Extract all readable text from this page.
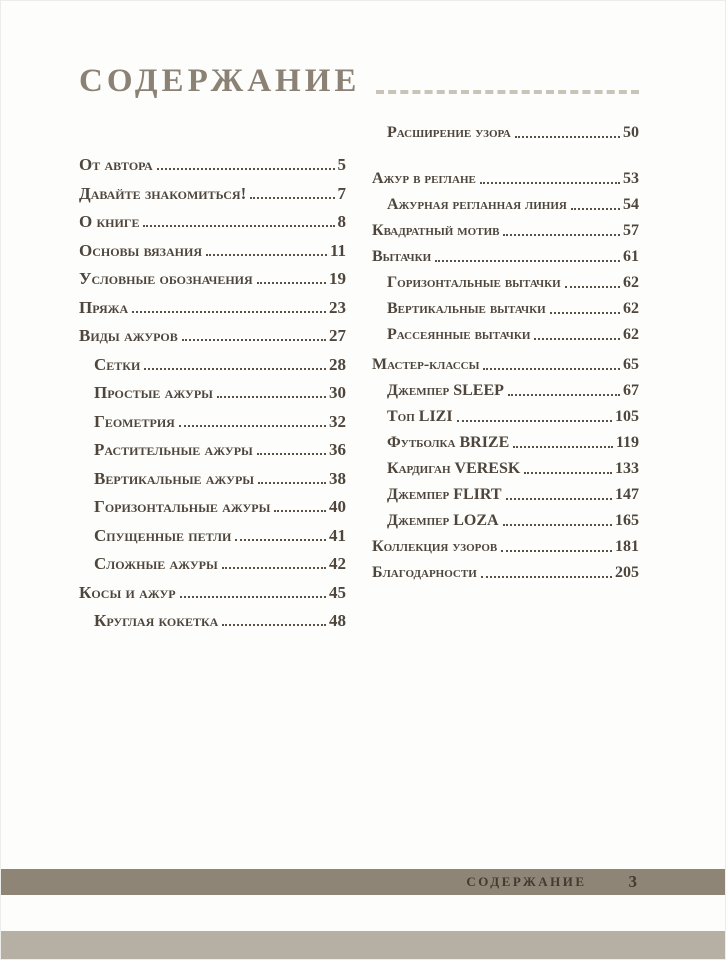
СОДЕРЖАНИЕ
От автора	5
Давайте знакомиться!	7
О книге	8
Основы вязания	11
Условные обозначения	19
Пряжа	23
Виды ажуров	27
Сетки	28
Простые ажуры	30
Геометрия	32
Растительные ажуры	36
Вертикальные ажуры	38
Горизонтальные ажуры	40
Спущенные петли	41
Сложные ажуры	42
Косы и ажур	45
Круглая кокетка	48
Расширение узора	50
Ажур в реглане	53
Ажурная регланная линия	54
Квадратный мотив	57
Вытачки	61
Горизонтальные вытачки	62
Вертикальные вытачки	62
Рассеянные вытачки	62
Мастер-классы	65
Джемпер SLEEP	67
Топ LIZI	105
Футболка BRIZE	119
Кардиган VERESK	133
Джемпер FLIRT	147
Джемпер LOZA	165
Коллекция узоров	181
Благодарности	205
СОДЕРЖАНИЕ 3
